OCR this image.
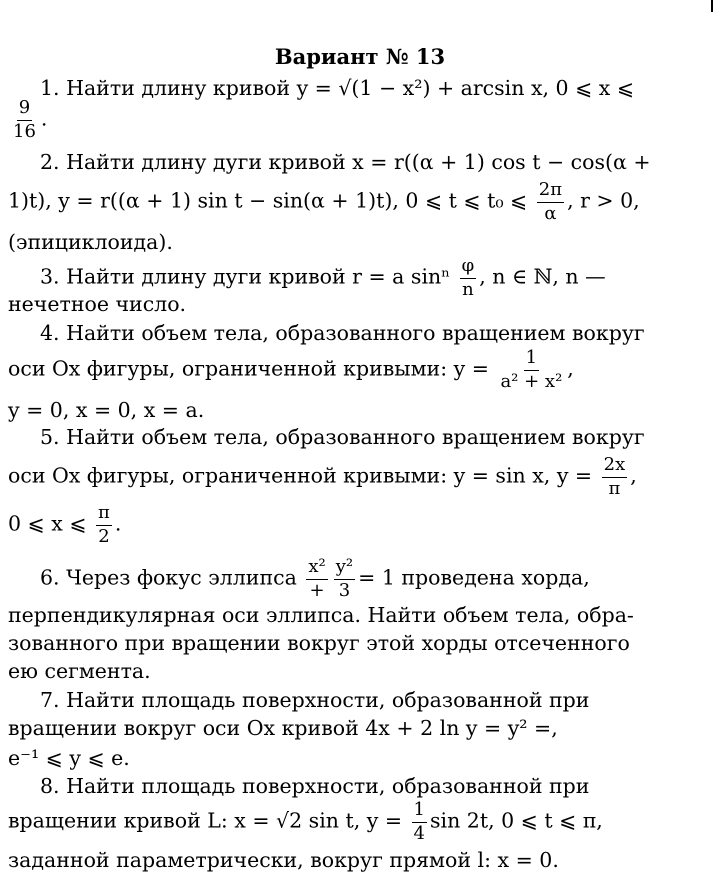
Вариант № 13
1. Найти длину кривой y = √(1 − x²) + arcsin x, 0 ⩽ x ⩽
$\frac{9}{16}$ .
2. Найти длину дуги кривой x = r((α + 1) cos t − cos(α +
1)t), y = r((α + 1) sin t − sin(α + 1)t), 0 ⩽ t ⩽ t₀ ⩽ $\frac{2\pi}{\alpha}$ , r > 0,
(эпициклоида).
3. Найти длину дуги кривой r = a sinⁿ $\frac{\varphi}{n}$ , n ∈ ℕ, n —
нечетное число.
4. Найти объем тела, образованного вращением вокруг
оси Ox фигуры, ограниченной кривыми: $y = \frac{1}{\text{a² + x²}}$ ,
y = 0, x = 0, x = a.
5. Найти объем тела, образованного вращением вокруг
оси Ox фигуры, ограниченной кривыми: y = sin x, $y = \frac{2x}{\pi}$ ,
0 ⩽ x ⩽ $\frac{\pi}{2}$ .
6. Через фокус эллипса $\frac{\text{x²}}{+} \frac{\text{y²}}{3} = 1$ проведена хорда,
перпендикулярная оси эллипса. Найти объем тела, обра-
зованного при вращении вокруг этой хорды отсеченного
ею сегмента.
7. Найти площадь поверхности, образованной при
вращении вокруг оси Ox кривой 4x + 2 ln y = y² =,
e⁻¹ ⩽ y ⩽ e.
8. Найти площадь поверхности, образованной при
вращении кривой L: x = √2 sin t, $y = \frac{1}{4}$ sin 2t, 0 ⩽ t ⩽ π,
заданной параметрически, вокруг прямой l: x = 0.
